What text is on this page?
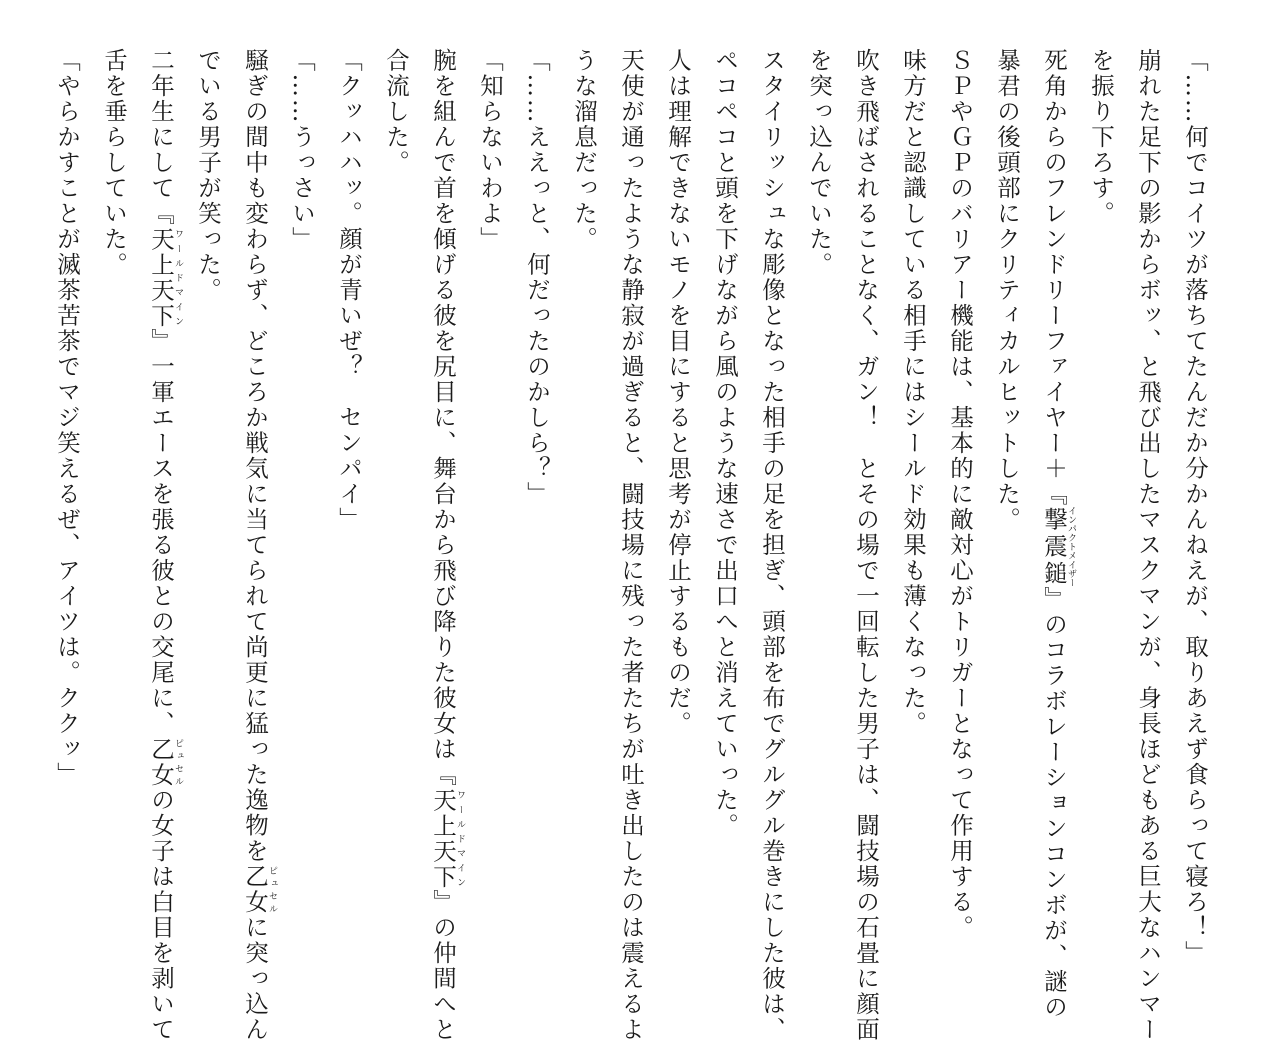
「……何でコイツが落ちてたんだか分かんねえが、取りあえず食らって寝ろ！」

崩れた足下の影からボッ、と飛び出したマスクマンが、身長ほどもある巨大なハンマー

を振り下ろす。

死角からのフレンドリーファイヤー＋『撃震鎚インパクトメイザー』のコラボレーションコンボが、謎の

暴君の後頭部にクリティカルヒットした。

ＳＰやＧＰのバリアー機能は、基本的に敵対心がトリガーとなって作用する。

味方だと認識している相手にはシールド効果も薄くなった。

吹き飛ばされることなく、ガン！　とその場で一回転した男子は、闘技場の石畳に顔面

を突っ込んでいた。

スタイリッシュな彫像となった相手の足を担ぎ、頭部を布でグルグル巻きにした彼は、

ペコペコと頭を下げながら風のような速さで出口へと消えていった。

人は理解できないモノを目にすると思考が停止するものだ。

天使が通ったような静寂が過ぎると、闘技場に残った者たちが吐き出したのは震えるよ

うな溜息だった。

「……ええっと、何だったのかしら？」

「知らないわよ」

腕を組んで首を傾げる彼を尻目に、舞台から飛び降りた彼女は『天上天下ワールドマイン』の仲間へと

合流した。

「クッハハッ。顔が青いぜ？　センパイ」

「……うっさい」

騒ぎの間中も変わらず、どころか戦気に当てられて尚更に猛った逸物を乙女ピュセルに突っ込ん

でいる男子が笑った。

二年生にして『天上天下ワールドマイン』一軍エースを張る彼との交尾に、乙女ピュセルの女子は白目を剥いて

舌を垂らしていた。

「やらかすことが滅茶苦茶でマジ笑えるぜ、アイツは。ククッ」
